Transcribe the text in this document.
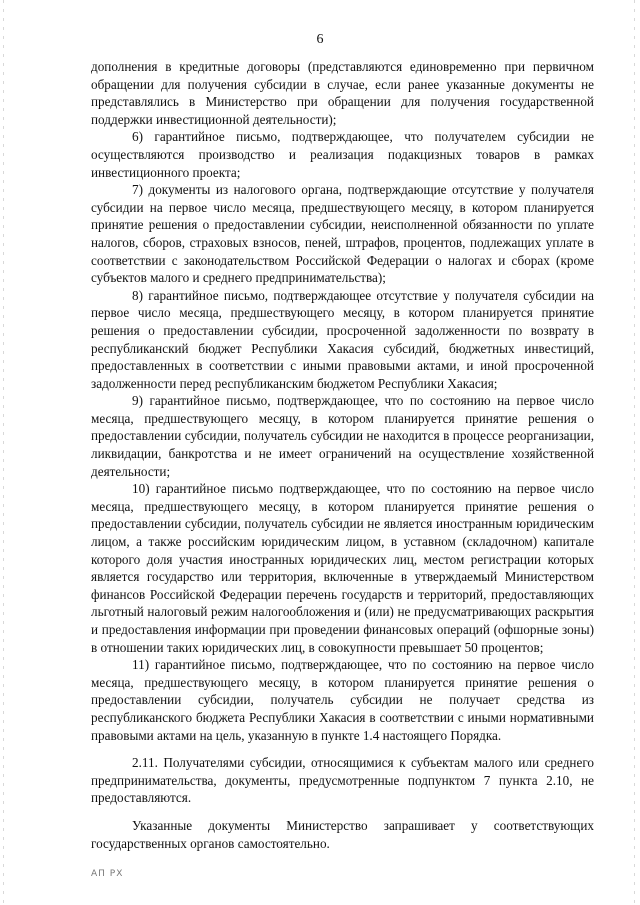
6

дополнения в кредитные договоры (представляются единовременно при первичном обращении для получения субсидии в случае, если ранее указанные документы не представлялись в Министерство при обращении для получения государственной поддержки инвестиционной деятельности);

6) гарантийное письмо, подтверждающее, что получателем субсидии не осуществляются производство и реализация подакцизных товаров в рамках инвестиционного проекта;

7) документы из налогового органа, подтверждающие отсутствие у получателя субсидии на первое число месяца, предшествующего месяцу, в котором планируется принятие решения о предоставлении субсидии, неисполненной обязанности по уплате налогов, сборов, страховых взносов, пеней, штрафов, процентов, подлежащих уплате в соответствии с законодательством Российской Федерации о налогах и сборах (кроме субъектов малого и среднего предпринимательства);

8) гарантийное письмо, подтверждающее отсутствие у получателя субсидии на первое число месяца, предшествующего месяцу, в котором планируется принятие решения о предоставлении субсидии, просроченной задолженности по возврату в республиканский бюджет Республики Хакасия субсидий, бюджетных инвестиций, предоставленных в соответствии с иными правовыми актами, и иной просроченной задолженности перед республиканским бюджетом Республики Хакасия;

9) гарантийное письмо, подтверждающее, что по состоянию на первое число месяца, предшествующего месяцу, в котором планируется принятие решения о предоставлении субсидии, получатель субсидии не находится в процессе реорганизации, ликвидации, банкротства и не имеет ограничений на осуществление хозяйственной деятельности;

10) гарантийное письмо подтверждающее, что по состоянию на первое число месяца, предшествующего месяцу, в котором планируется принятие решения о предоставлении субсидии, получатель субсидии не является иностранным юридическим лицом, а также российским юридическим лицом, в уставном (складочном) капитале которого доля участия иностранных юридических лиц, местом регистрации которых является государство или территория, включенные в утверждаемый Министерством финансов Российской Федерации перечень государств и территорий, предоставляющих льготный налоговый режим налогообложения и (или) не предусматривающих раскрытия и предоставления информации при проведении финансовых операций (офшорные зоны) в отношении таких юридических лиц, в совокупности превышает 50 процентов;

11) гарантийное письмо, подтверждающее, что по состоянию на первое число месяца, предшествующего месяцу, в котором планируется принятие решения о предоставлении субсидии, получатель субсидии не получает средства из республиканского бюджета Республики Хакасия в соответствии с иными нормативными правовыми актами на цель, указанную в пункте 1.4 настоящего Порядка.

2.11. Получателями субсидии, относящимися к субъектам малого или среднего предпринимательства, документы, предусмотренные подпунктом 7 пункта 2.10, не предоставляются.

Указанные документы Министерство запрашивает у соответствующих государственных органов самостоятельно.

АП РХ
